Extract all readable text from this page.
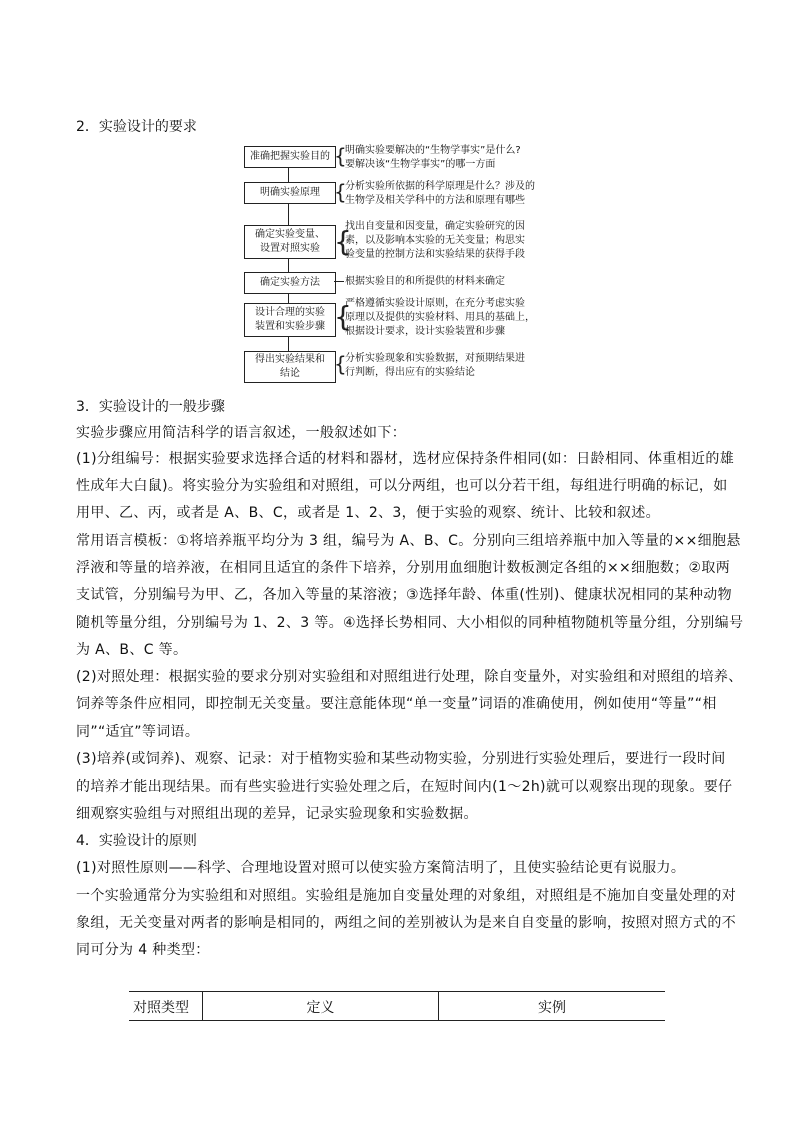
2．实验设计的要求
准确把握实验目的 {
明确实验要解决的“生物学事实”是什么?
要解决该“生物学事实”的哪一方面
明确实验原理 {
分析实验所依据的科学原理是什么？涉及的
生物学及相关学科中的方法和原理有哪些
确定实验变量、
设置对照实验 {
找出自变量和因变量，确定实验研究的因
素，以及影响本实验的无关变量；构思实
验变量的控制方法和实验结果的获得手段
确定实验方法	根据实验目的和所提供的材料来确定
设计合理的实验
装置和实验步骤 {
严格遵循实验设计原则，在充分考虑实验
原理以及提供的实验材料、用具的基础上，
根据设计要求，设计实验装置和步骤
得出实验结果和
结论	{
分析实验现象和实验数据，对预期结果进
行判断，得出应有的实验结论
3．实验设计的一般步骤
实验步骤应用简洁科学的语言叙述，一般叙述如下：
(1)分组编号：根据实验要求选择合适的材料和器材，选材应保持条件相同(如：日龄相同、体重相近的雄
性成年大白鼠)。将实验分为实验组和对照组，可以分两组，也可以分若干组，每组进行明确的标记，如
用甲、乙、丙，或者是 A、B、C，或者是 1、2、3，便于实验的观察、统计、比较和叙述。
常用语言模板：①将培养瓶平均分为 3 组，编号为 A、B、C。分别向三组培养瓶中加入等量的××细胞悬
浮液和等量的培养液，在相同且适宜的条件下培养，分别用血细胞计数板测定各组的××细胞数；②取两
支试管，分别编号为甲、乙，各加入等量的某溶液；③选择年龄、体重(性别)、健康状况相同的某种动物
随机等量分组，分别编号为 1、2、3 等。④选择长势相同、大小相似的同种植物随机等量分组，分别编号
为 A、B、C 等。
(2)对照处理：根据实验的要求分别对实验组和对照组进行处理，除自变量外，对实验组和对照组的培养、
饲养等条件应相同，即控制无关变量。要注意能体现“单一变量”词语的准确使用，例如使用“等量”“相
同”“适宜”等词语。
(3)培养(或饲养)、观察、记录：对于植物实验和某些动物实验，分别进行实验处理后，要进行一段时间
的培养才能出现结果。而有些实验进行实验处理之后，在短时间内(1～2h)就可以观察出现的现象。要仔
细观察实验组与对照组出现的差异，记录实验现象和实验数据。
4．实验设计的原则
(1)对照性原则——科学、合理地设置对照可以使实验方案简洁明了，且使实验结论更有说服力。
一个实验通常分为实验组和对照组。实验组是施加自变量处理的对象组，对照组是不施加自变量处理的对
象组，无关变量对两者的影响是相同的，两组之间的差别被认为是来自自变量的影响，按照对照方式的不
同可分为 4 种类型：
对照类型	定义	实例
